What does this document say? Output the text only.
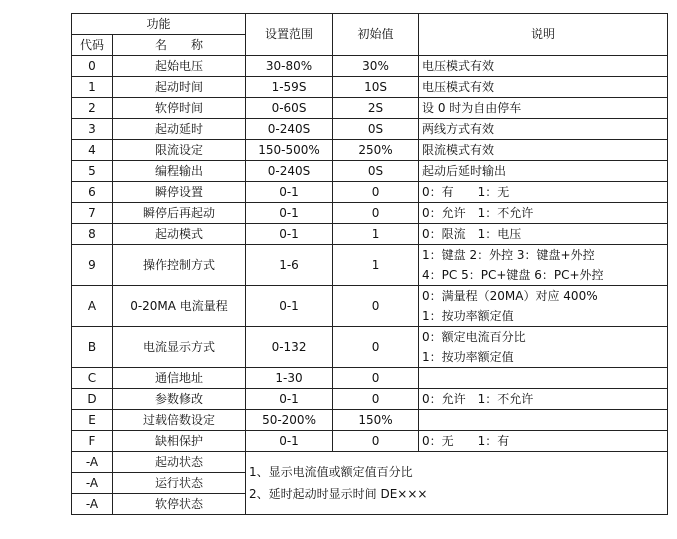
功能		设置范围	初始值	说明
代码	名　　称			
0	起始电压	30-80%	30%	电压模式有效

1	起动时间	1-59S	10S	电压模式有效

2	软停时间	0-60S	2S	设 0 时为自由停车

3	起动延时	0-240S	0S	两线方式有效

4	限流设定	150-500%	250%	限流模式有效

5	编程输出	0-240S	0S	起动后延时输出

6	瞬停设置	0-1	0	0：有　　1：无

7	瞬停后再起动	0-1	0	0：允许　1：不允许

8	起动模式	0-1	1	0：限流　1：电压

9	操作控制方式	1-6	1	1：键盘 2：外控 3：键盘+外控
4：PC 5：PC+键盘 6：PC+外控

A	0-20MA 电流量程	0-1	0	0：满量程（20MA）对应 400%
1：按功率额定值

B	电流显示方式	0-132	0	0：额定电流百分比
1：按功率额定值

C	通信地址	1-30	0	

D	参数修改	0-1	0	0：允许　1：不允许

E	过载倍数设定	50-200%	150%	

F	缺相保护	0-1	0	0：无　　1：有

-A	起动状态	1、显示电流值或额定值百分比
2、延时起动时显示时间 DE×××		

-A	运行状态			
-A	软停状态			
